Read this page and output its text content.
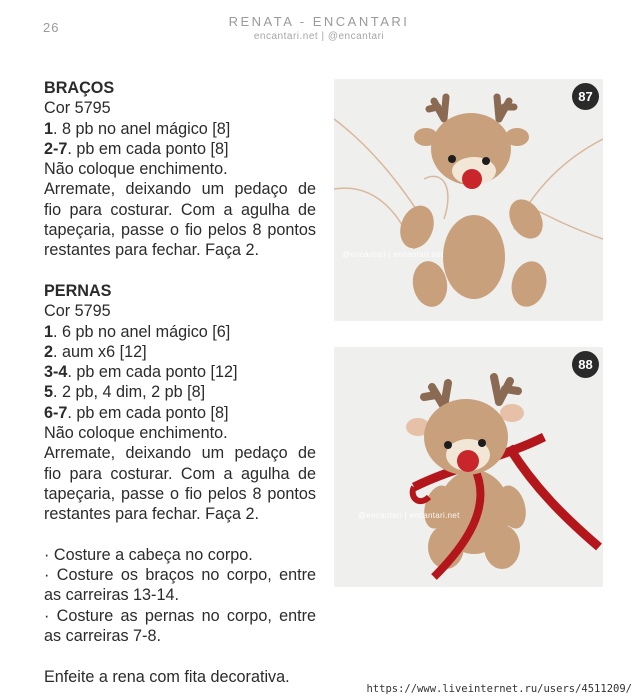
26	RENATA - ENCANTARI
encantari.net | @encantari
BRAÇOS
Cor 5795
1. 8 pb no anel mágico [8]
2-7. pb em cada ponto [8]
Não coloque enchimento.
Arremate, deixando um pedaço de
fio para costurar. Com a agulha de
tapeçaria, passe o fio pelos 8 pontos
restantes para fechar. Faça 2.
PERNAS
Cor 5795
1. 6 pb no anel mágico [6]
2. aum x6 [12]
3-4. pb em cada ponto [12]
5. 2 pb, 4 dim, 2 pb [8]
6-7. pb em cada ponto [8]
Não coloque enchimento.
Arremate, deixando um pedaço de
fio para costurar. Com a agulha de
tapeçaria, passe o fio pelos 8 pontos
restantes para fechar. Faça 2.
· Costure a cabeça no corpo.
· Costure os braços no corpo, entre
as carreiras 13-14.
· Costure as pernas no corpo, entre
as carreiras 7-8.
Enfeite a rena com fita decorativa.
87
@encantari | encantari.net
88
@encantari | encantari.net
https://www.liveinternet.ru/users/4511209/
